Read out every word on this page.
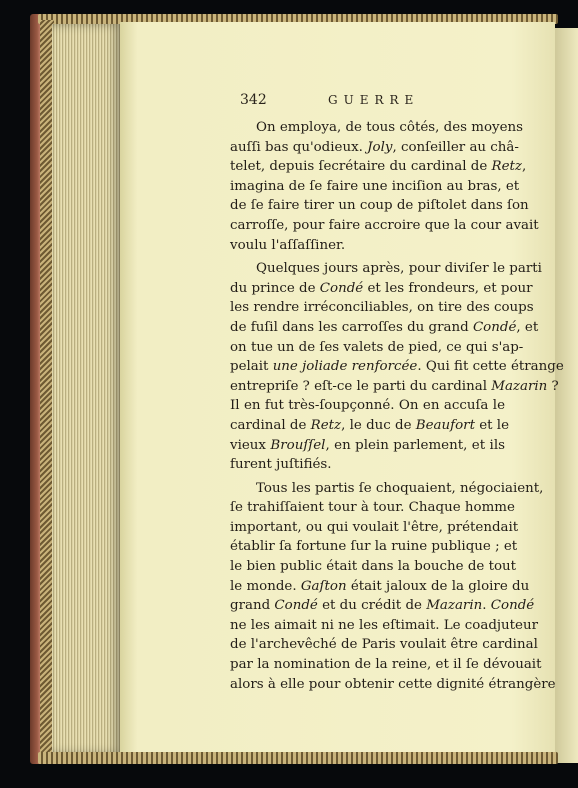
342	GUERRE
On employa, de tous côtés, des moyens
auſſi bas qu'odieux. Joly, conſeiller au châ-
telet, depuis ſecrétaire du cardinal de Retz,
imagina de ſe faire une inciſion au bras, et
de ſe faire tirer un coup de piſtolet dans ſon
carroſſe, pour faire accroire que la cour avait
voulu l'aſſaſſiner.
Quelques jours après, pour diviſer le parti
du prince de Condé et les frondeurs, et pour
les rendre irréconciliables, on tire des coups
de fuſil dans les carroſſes du grand Condé, et
on tue un de ſes valets de pied, ce qui s'ap-
pelait une joliade renforcée. Qui fit cette étrange
entrepriſe ? eſt-ce le parti du cardinal Mazarin ?
Il en fut très-ſoupçonné. On en accuſa le
cardinal de Retz, le duc de Beaufort et le
vieux Brouſſel, en plein parlement, et ils
furent juſtifiés.
Tous les partis ſe choquaient, négociaient,
ſe trahiſſaient tour à tour. Chaque homme
important, ou qui voulait l'être, prétendait
établir ſa fortune ſur la ruine publique ; et
le bien public était dans la bouche de tout
le monde. Gaſton était jaloux de la gloire du
grand Condé et du crédit de Mazarin. Condé
ne les aimait ni ne les eſtimait. Le coadjuteur
de l'archevêché de Paris voulait être cardinal
par la nomination de la reine, et il ſe dévouait
alors à elle pour obtenir cette dignité étrangère
